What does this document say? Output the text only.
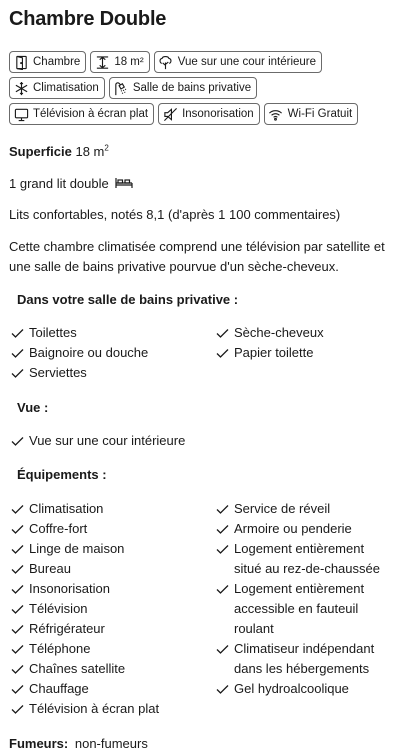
Chambre Double
Chambre	18 m²	Vue sur une cour intérieure
Climatisation	Salle de bains privative
Télévision à écran plat	Insonorisation	Wi-Fi Gratuit
Superficie 18 $m^2$
1 grand lit double
Lits confortables, notés 8,1 (d'après 1 100 commentaires)
Cette chambre climatisée comprend une télévision par satellite et une salle de bains privative pourvue d'un sèche-cheveux.
Dans votre salle de bains privative :
Toilettes
Baignoire ou douche
Serviettes
Sèche-cheveux
Papier toilette
Vue :
Vue sur une cour intérieure
Équipements :
Climatisation
Coffre-fort
Linge de maison
Bureau
Insonorisation
Télévision
Réfrigérateur
Téléphone
Chaînes satellite
Chauffage
Télévision à écran plat
Service de réveil
Armoire ou penderie
Logement entièrement
situé au rez-de-chaussée
Logement entièrement
accessible en fauteuil
roulant
Climatiseur indépendant
dans les hébergements
Gel hydroalcoolique
Fumeurs: non-fumeurs
